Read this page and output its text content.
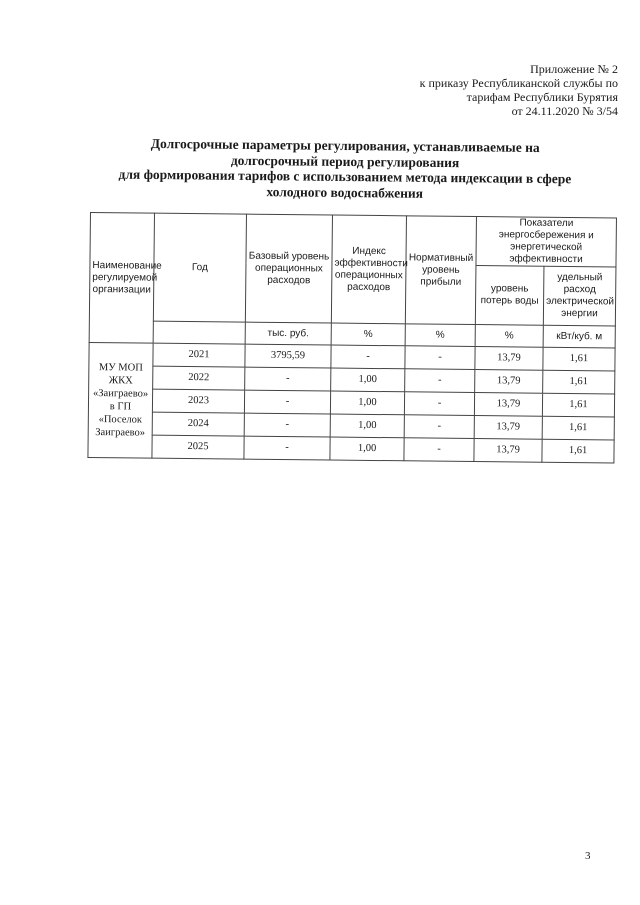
Приложение № 2
к приказу Республиканской службы по
тарифам Республики Бурятия
от 24.11.2020 № 3/54
Долгосрочные параметры регулирования, устанавливаемые на
долгосрочный период регулирования
для формирования тарифов с использованием метода индексации в сфере
холодного водоснабжения
Наименование регулируемой организации	Год	Базовый уровень операционных расходов	Индекс эффективности операционных расходов	Нормативный уровень прибыли	Показатели энергосбережения и энергетической эффективности	
					уровень потерь воды	удельный расход электрической энергии
		тыс. руб.	%	%	%	кВт/куб. м
МУ МОП ЖКХ «Заиграево» в ГП «Поселок Заиграево»	2021	3795,59	-	-	13,79	1,61
	2022	-	1,00	-	13,79	1,61
	2023	-	1,00	-	13,79	1,61
	2024	-	1,00	-	13,79	1,61
	2025	-	1,00	-	13,79	1,61
3
